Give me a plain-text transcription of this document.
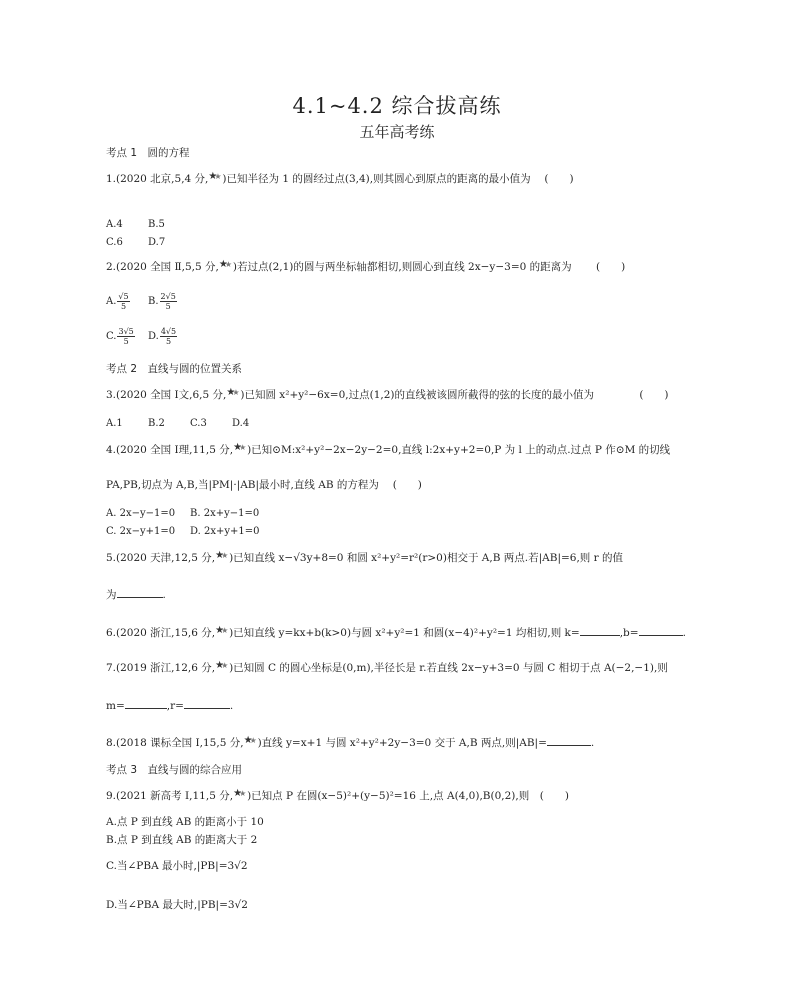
4.1~4.2 综合拔高练
五年高考练
考点 1　圆的方程
1.(2020 北京,5,4 分, ★ ★ )已知半径为 1 的圆经过点(3,4),则其圆心到原点的距离的最小值为　 (　　)
A.4	B.5
C.6	D.7
2.(2020 全国 Ⅱ,5,5 分, ★ ★ )若过点(2,1)的圆与两坐标轴都相切,则圆心到直线 2x−y−3=0 的距离为　　 (　　)
A. $\frac{√5}{5} B$. $\frac{2√5}{5}$
C. $\frac{3√5}{5} D$. $\frac{4√5}{5}$
考点 2　直线与圆的位置关系
3.(2020 全国 Ⅰ文,6,5 分, ★ ★ )已知圆 x²+y²−6x=0,过点(1,2)的直线被该圆所截得的弦的长度的最小值为　　　　 (　　)
A.1	B.2	C.3	D.4
4.(2020 全国 Ⅰ理,11,5 分, ★ ★ )已知⊙M:x²+y²−2x−2y−2=0,直线 l:2x+y+2=0,P 为 l 上的动点.过点 P 作⊙M 的切线
PA,PB,切点为 A,B,当|PM|·|AB|最小时,直线 AB 的方程为　 (　　)
A. 2x−y−1=0 B. 2x+y−1=0
C. 2x−y+1=0 D. 2x+y+1=0
5.(2020 天津,12,5 分, ★ ★ )已知直线 x−√3y+8=0 和圆 x²+y²=r²(r>0)相交于 A,B 两点.若|AB|=6,则 r 的值
为	.
6.(2020 浙江,15,6 分, ★ ★ )已知直线 y=kx+b(k>0)与圆 x²+y²=1 和圆(x−4)²+y²=1 均相切,则 k=	,b=	.
7.(2019 浙江,12,6 分, ★ ★ )已知圆 C 的圆心坐标是(0,m),半径长是 r.若直线 2x−y+3=0 与圆 C 相切于点 A(−2,−1),则
m=	,r=	.
8.(2018 课标全国 Ⅰ,15,5 分, ★ ★ )直线 y=x+1 与圆 x²+y²+2y−3=0 交于 A,B 两点,则|AB|=	.
考点 3　直线与圆的综合应用
9.(2021 新高考 Ⅰ,11,5 分, ★ ★ )已知点 P 在圆(x−5)²+(y−5)²=16 上,点 A(4,0),B(0,2),则　(　　)
A.点 P 到直线 AB 的距离小于 10
B.点 P 到直线 AB 的距离大于 2
C.当∠PBA 最小时,|PB|=3√2
D.当∠PBA 最大时,|PB|=3√2
